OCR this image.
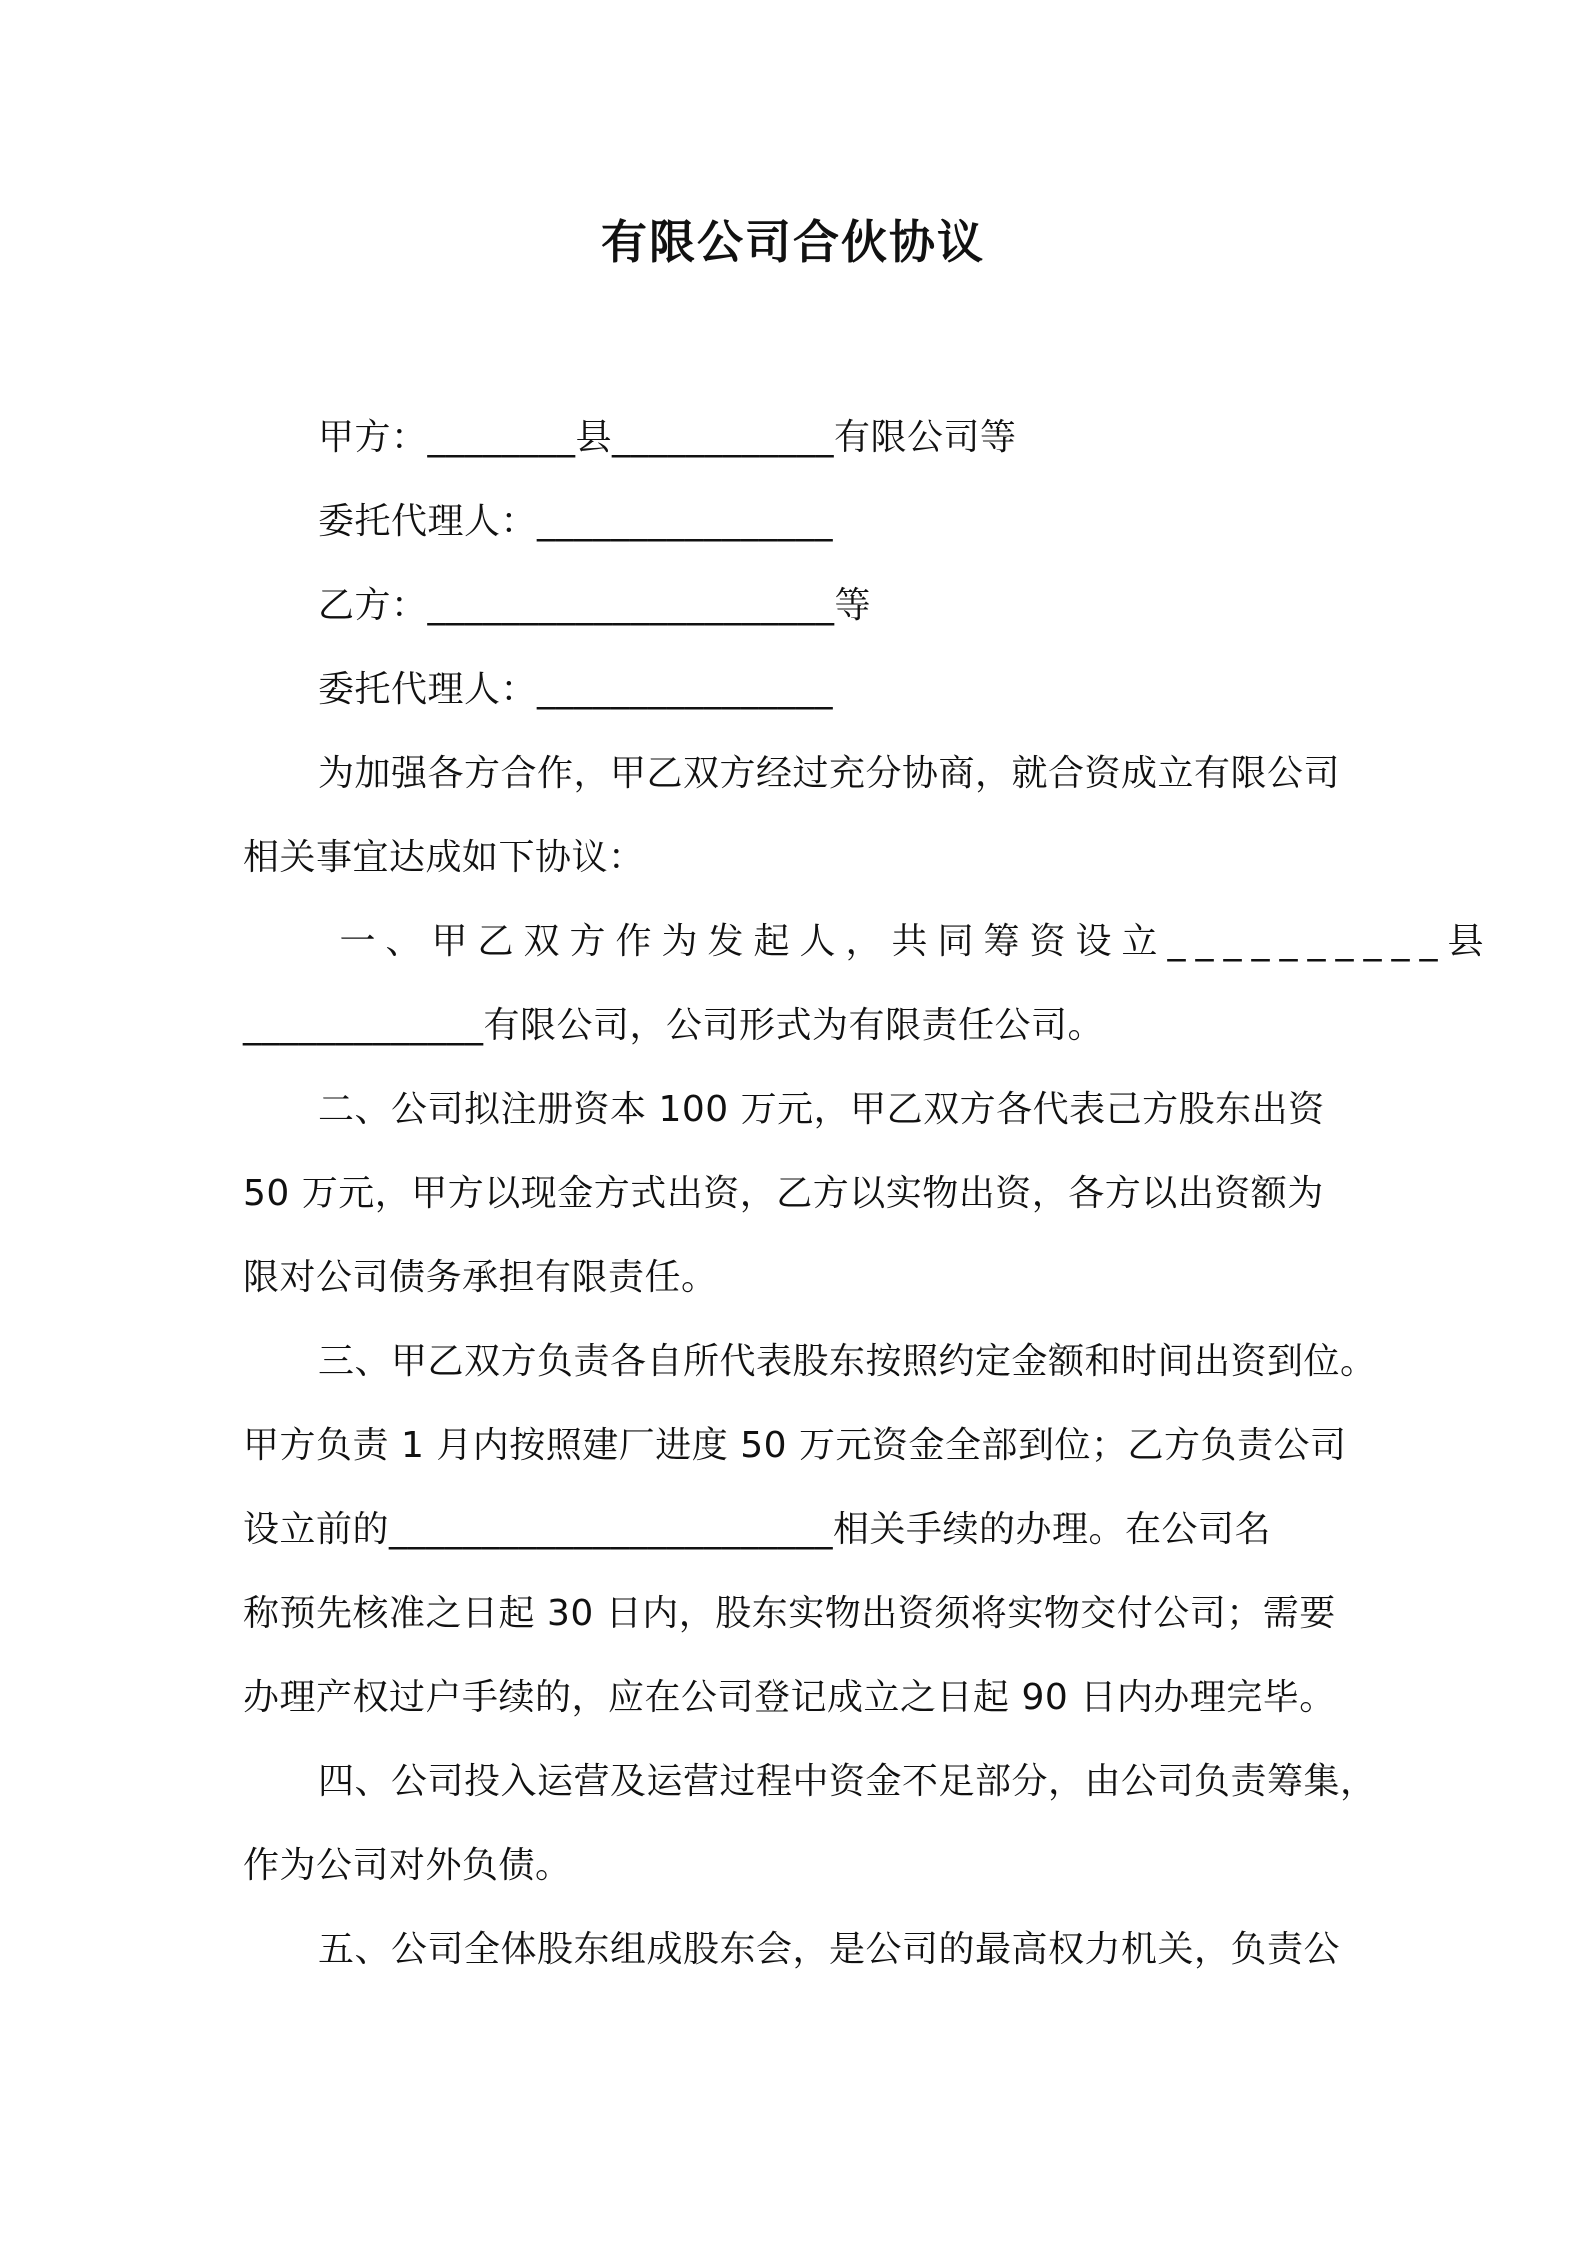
有限公司合伙协议
甲方：________县____________有限公司等
委托代理人：________________
乙方：______________________等
委托代理人：________________
为加强各方合作，甲乙双方经过充分协商，就合资成立有限公司
相关事宜达成如下协议：
一、甲乙双方作为发起人，共同筹资设立__________县
_____________有限公司，公司形式为有限责任公司。
二、公司拟注册资本 100 万元，甲乙双方各代表己方股东出资
50 万元，甲方以现金方式出资，乙方以实物出资，各方以出资额为
限对公司债务承担有限责任。
三、甲乙双方负责各自所代表股东按照约定金额和时间出资到位。
甲方负责 1 月内按照建厂进度 50 万元资金全部到位；乙方负责公司
设立前的________________________相关手续的办理。在公司名
称预先核准之日起 30 日内，股东实物出资须将实物交付公司；需要
办理产权过户手续的，应在公司登记成立之日起 90 日内办理完毕。
四、公司投入运营及运营过程中资金不足部分，由公司负责筹集，
作为公司对外负债。
五、公司全体股东组成股东会，是公司的最高权力机关，负责公
